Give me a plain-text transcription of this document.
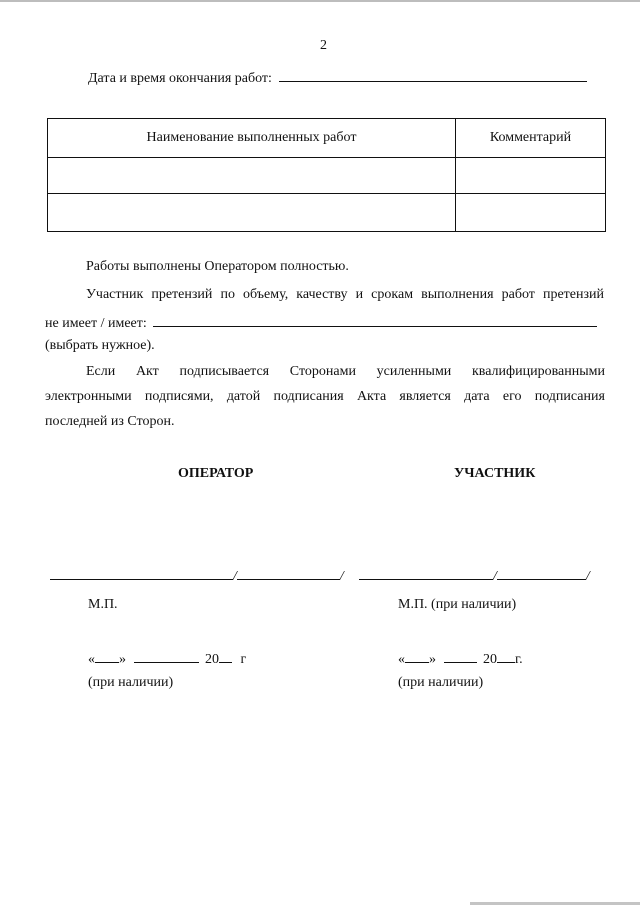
2
Дата и время окончания работ:
Наименование выполненных работ	Комментарий

Работы выполнены Оператором полностью.
Участник претензий по объему, качеству и срокам выполнения работ претензий
не имеет / имеет:
(выбрать нужное).
Если Акт подписывается Сторонами усиленными квалифицированными
электронными подписями, датой подписания Акта является дата его подписания
последней из Сторон.
ОПЕРАТОР
/	/
М.П.
« »	20 г
(при наличии)
УЧАСТНИК
/	/
М.П. (при наличии)
« »	20 г.
(при наличии)
